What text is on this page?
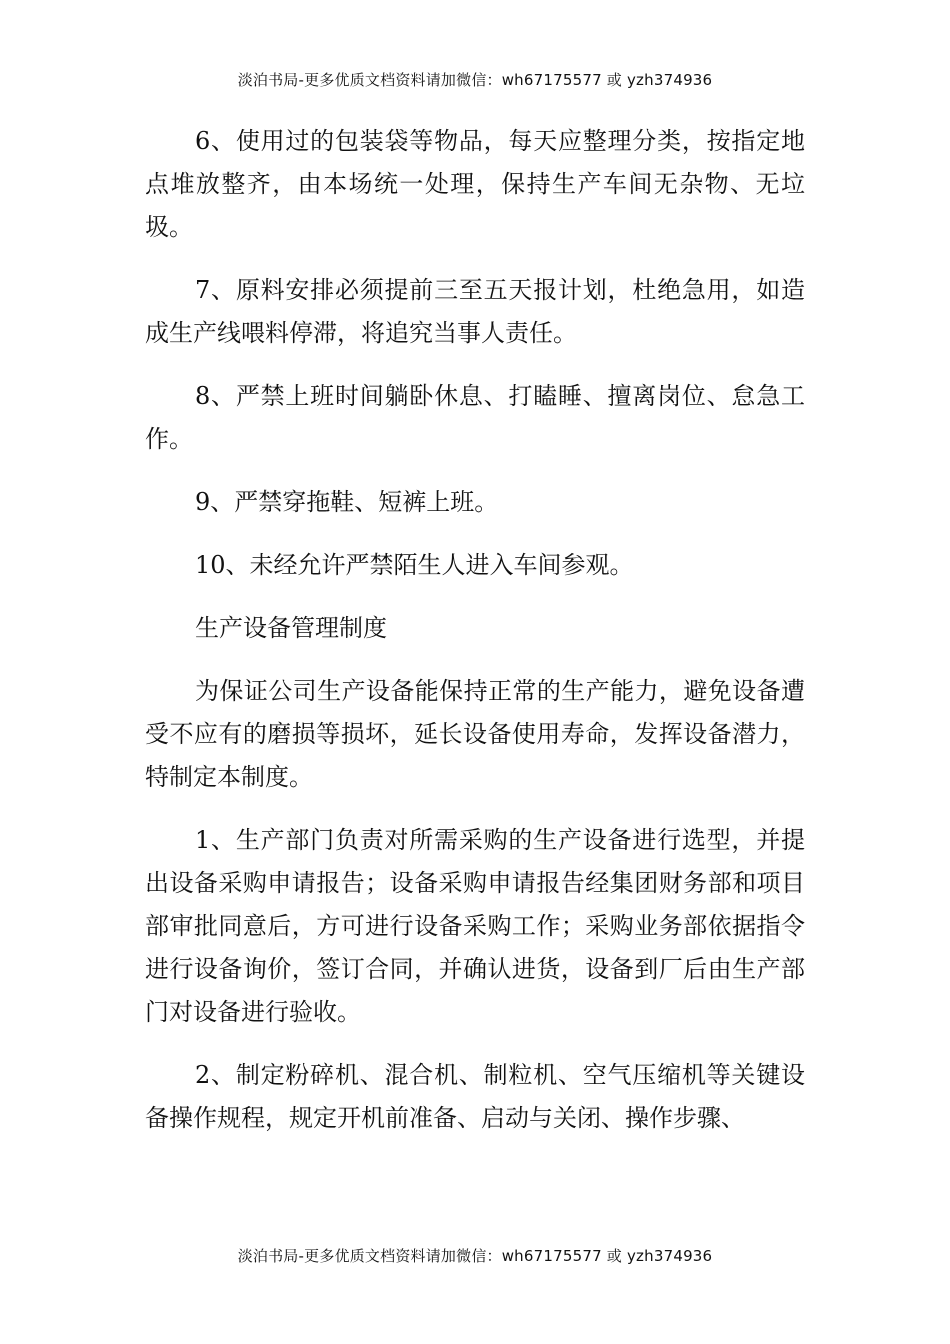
淡泊书局-更多优质文档资料请加微信：wh67175577 或 yzh374936

6、使用过的包装袋等物品，每天应整理分类，按指定地点堆放整齐，由本场统一处理，保持生产车间无杂物、无垃圾。

7、原料安排必须提前三至五天报计划，杜绝急用，如造成生产线喂料停滞，将追究当事人责任。

8、严禁上班时间躺卧休息、打瞌睡、擅离岗位、怠急工作。

9、严禁穿拖鞋、短裤上班。

10、未经允许严禁陌生人进入车间参观。

生产设备管理制度

为保证公司生产设备能保持正常的生产能力，避免设备遭受不应有的磨损等损坏，延长设备使用寿命，发挥设备潜力，特制定本制度。

1、生产部门负责对所需采购的生产设备进行选型，并提出设备采购申请报告；设备采购申请报告经集团财务部和项目部审批同意后，方可进行设备采购工作；采购业务部依据指令进行设备询价，签订合同，并确认进货，设备到厂后由生产部门对设备进行验收。

2、制定粉碎机、混合机、制粒机、空气压缩机等关键设备操作规程，规定开机前准备、启动与关闭、操作步骤、

淡泊书局-更多优质文档资料请加微信：wh67175577 或 yzh374936
